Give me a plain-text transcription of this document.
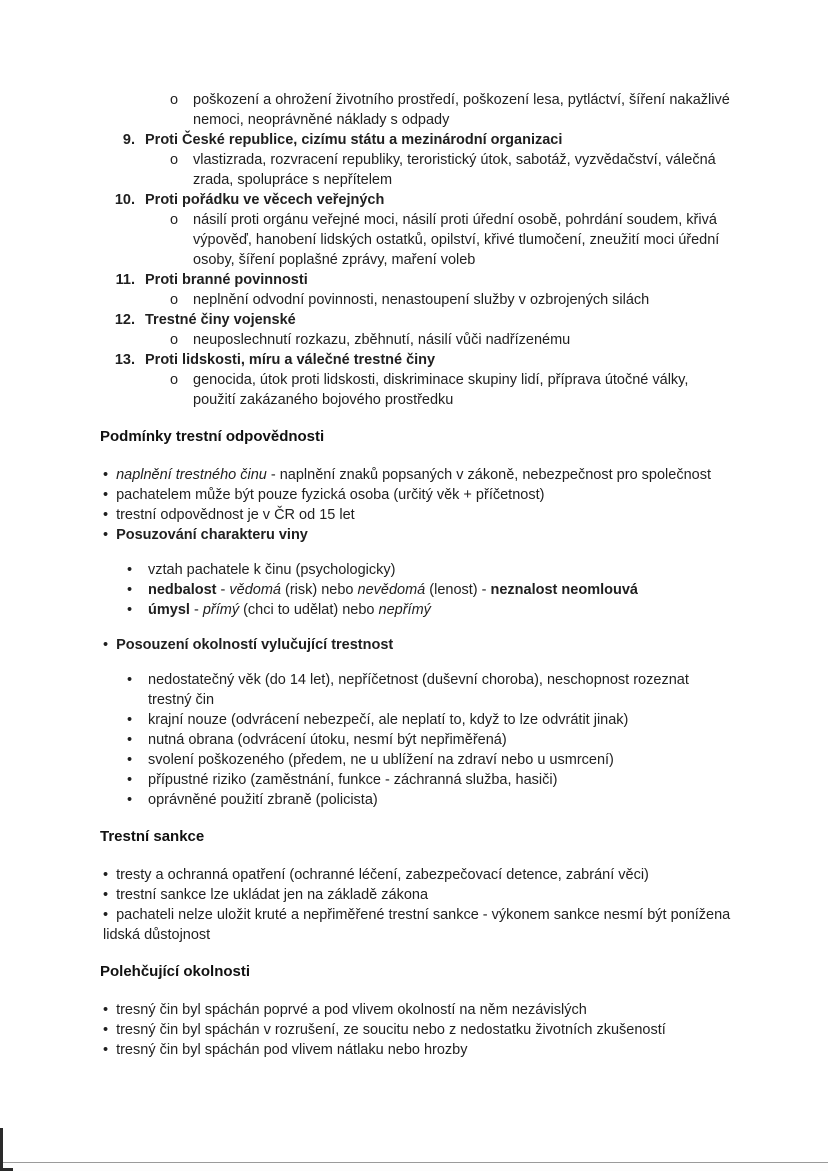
o	poškození a ohrožení životního prostředí, poškození lesa, pytláctví, šíření nakažlivé nemoci, neoprávněné náklady s odpady
9. Proti České republice, cizímu státu a mezinárodní organizaci
o	vlastizrada, rozvracení republiky, teroristický útok, sabotáž, vyzvědačství, válečná zrada, spolupráce s nepřítelem
10. Proti pořádku ve věcech veřejných
o	násilí proti orgánu veřejné moci, násilí proti úřední osobě, pohrdání soudem, křivá výpověď, hanobení lidských ostatků, opilství, křivé tlumočení, zneužití moci úřední osoby, šíření poplašné zprávy, maření voleb
11. Proti branné povinnosti
o	neplnění odvodní povinnosti, nenastoupení služby v ozbrojených silách
12. Trestné činy vojenské
o	neuposlechnutí rozkazu, zběhnutí, násilí vůči nadřízenému
13. Proti lidskosti, míru a válečné trestné činy
o	genocida, útok proti lidskosti, diskriminace skupiny lidí, příprava útočné války, použití zakázaného bojového prostředku
Podmínky trestní odpovědnosti
• naplnění trestného činu - naplnění znaků popsaných v zákoně, nebezpečnost pro společnost
• pachatelem může být pouze fyzická osoba (určitý věk + příčetnost)
• trestní odpovědnost je v ČR od 15 let
• Posuzování charakteru viny
•	vztah pachatele k činu (psychologicky)
•	nedbalost - vědomá (risk) nebo nevědomá (lenost) - neznalost neomlouvá
•	úmysl - přímý (chci to udělat) nebo nepřímý
• Posouzení okolností vylučující trestnost
•	nedostatečný věk (do 14 let), nepříčetnost (duševní choroba), neschopnost rozeznat trestný čin
•	krajní nouze (odvrácení nebezpečí, ale neplatí to, když to lze odvrátit jinak)
•	nutná obrana (odvrácení útoku, nesmí být nepřiměřená)
•	svolení poškozeného (předem, ne u ublížení na zdraví nebo u usmrcení)
•	přípustné riziko (zaměstnání, funkce - záchranná služba, hasiči)
•	oprávněné použití zbraně (policista)
Trestní sankce
• tresty a ochranná opatření (ochranné léčení, zabezpečovací detence, zabrání věci)
• trestní sankce lze ukládat jen na základě zákona
• pachateli nelze uložit kruté a nepřiměřené trestní sankce - výkonem sankce nesmí být ponížena lidská důstojnost
Polehčující okolnosti
• tresný čin byl spáchán poprvé a pod vlivem okolností na něm nezávislých
• tresný čin byl spáchán v rozrušení, ze soucitu nebo z nedostatku životních zkušeností
• tresný čin byl spáchán pod vlivem nátlaku nebo hrozby
